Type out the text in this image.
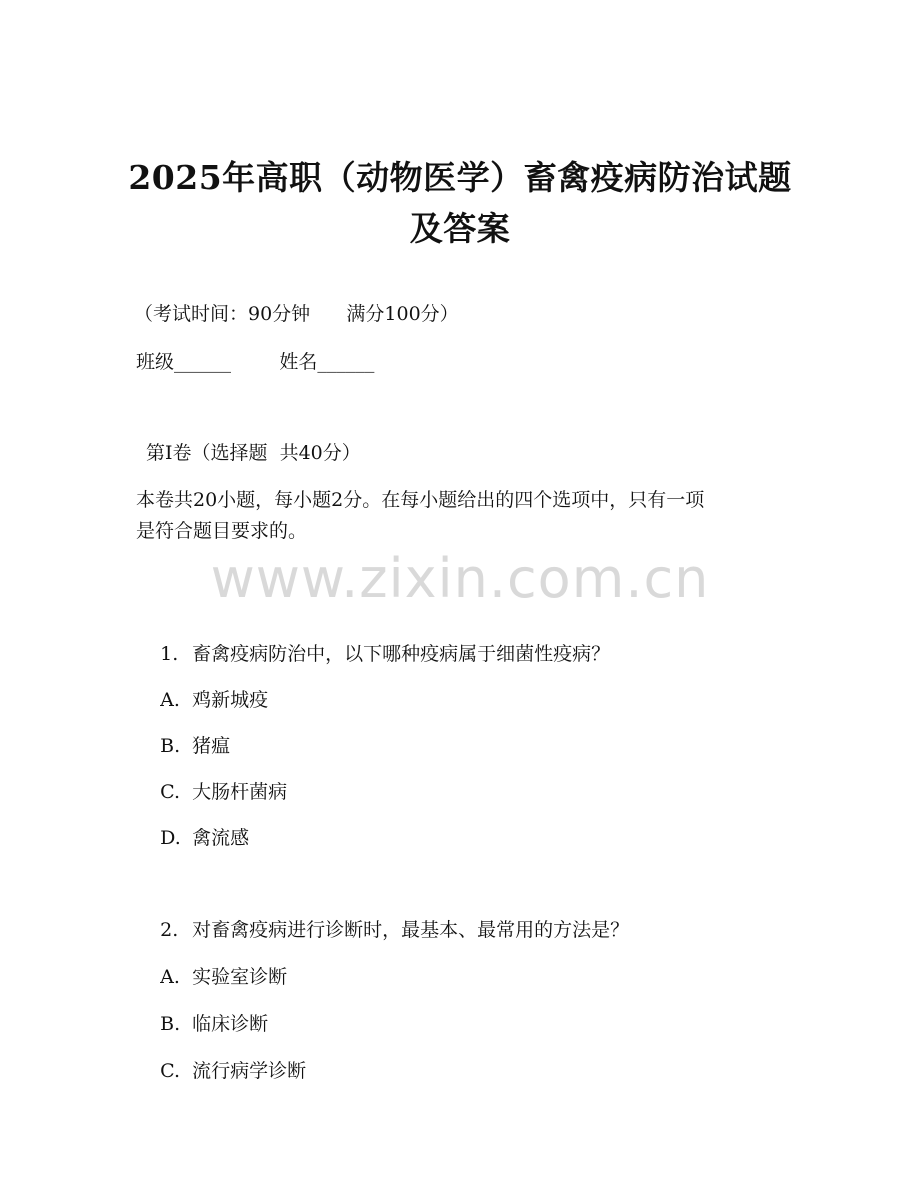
2025年高职（动物医学）畜禽疫病防治试题
及答案
（考试时间：90分钟      满分100分）
班级______        姓名______
第I卷（选择题  共40分）
本卷共20小题，每小题2分。在每小题给出的四个选项中，只有一项
是符合题目要求的。
www.zixin.com.cn

1. 畜禽疫病防治中，以下哪种疫病属于细菌性疫病？

A. 鸡新城疫

B. 猪瘟

C. 大肠杆菌病

D. 禽流感

2. 对畜禽疫病进行诊断时，最基本、最常用的方法是？

A. 实验室诊断

B. 临床诊断

C. 流行病学诊断
